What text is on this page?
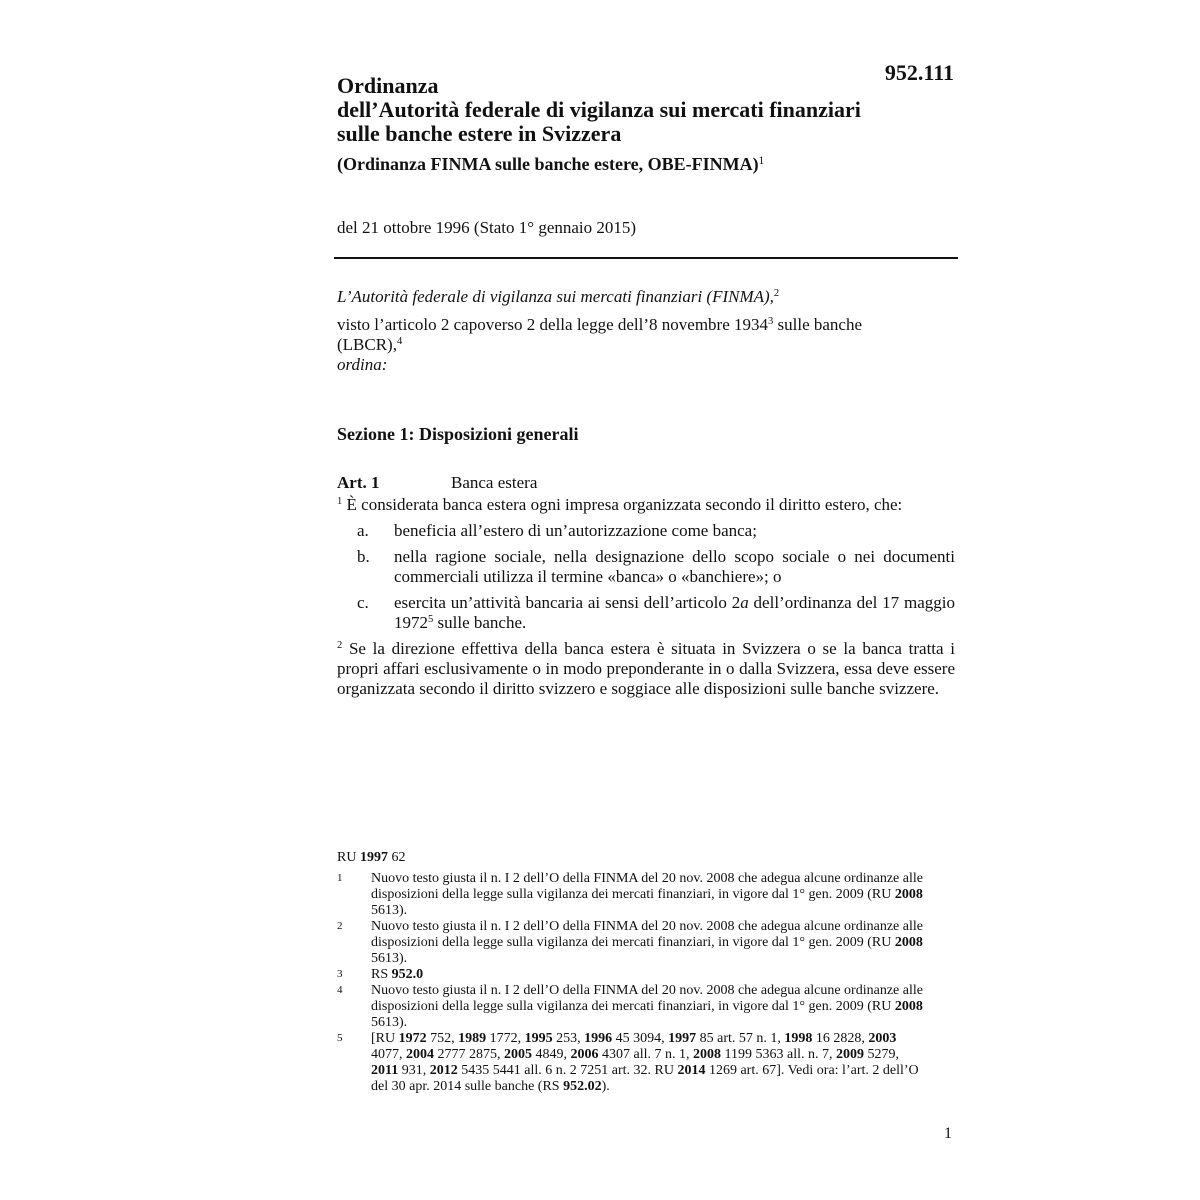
952.111
Ordinanza
dell’Autorità federale di vigilanza sui mercati finanziari
sulle banche estere in Svizzera
(Ordinanza FINMA sulle banche estere, OBE-FINMA)$^1$
del 21 ottobre 1996 (Stato 1° gennaio 2015)

L’Autorità federale di vigilanza sui mercati finanziari (FINMA),$^2$

visto l’articolo 2 capoverso 2 della legge dell’8 novembre 1934$^3$ sulle banche

(LBCR),$^4$

ordina:

Sezione 1: Disposizioni generali
Art. 1	Banca estera

$^1$ È considerata banca estera ogni impresa organizzata secondo il diritto estero, che:

a.	beneficia all’estero di un’autorizzazione come banca;
b.	nella ragione sociale, nella designazione dello scopo sociale o nei documenti commerciali utilizza il termine «banca» o «banchiere»; o
c.	esercita un’attività bancaria ai sensi dell’articolo 2a dell’ordinanza del 17 maggio 1972$^5$ sulle banche.

$^2$ Se la direzione effettiva della banca estera è situata in Svizzera o se la banca tratta i propri affari esclusivamente o in modo preponderante in o dalla Svizzera, essa deve essere organizzata secondo il diritto svizzero e soggiace alle disposizioni sulle banche svizzere.

RU 1997 62
1	Nuovo testo giusta il n. I 2 dell’O della FINMA del 20 nov. 2008 che adegua alcune ordinanze alle disposizioni della legge sulla vigilanza dei mercati finanziari, in vigore dal 1° gen. 2009 (RU 2008 5613).
2	Nuovo testo giusta il n. I 2 dell’O della FINMA del 20 nov. 2008 che adegua alcune ordinanze alle disposizioni della legge sulla vigilanza dei mercati finanziari, in vigore dal 1° gen. 2009 (RU 2008 5613).
3	RS 952.0
4	Nuovo testo giusta il n. I 2 dell’O della FINMA del 20 nov. 2008 che adegua alcune ordinanze alle disposizioni della legge sulla vigilanza dei mercati finanziari, in vigore dal 1° gen. 2009 (RU 2008 5613).
5	[RU 1972 752, 1989 1772, 1995 253, 1996 45 3094, 1997 85 art. 57 n. 1, 1998 16 2828, 2003 4077, 2004 2777 2875, 2005 4849, 2006 4307 all. 7 n. 1, 2008 1199 5363 all. n. 7, 2009 5279, 2011 931, 2012 5435 5441 all. 6 n. 2 7251 art. 32. RU 2014 1269 art. 67]. Vedi ora: l’art. 2 dell’O del 30 apr. 2014 sulle banche (RS 952.02).
1
